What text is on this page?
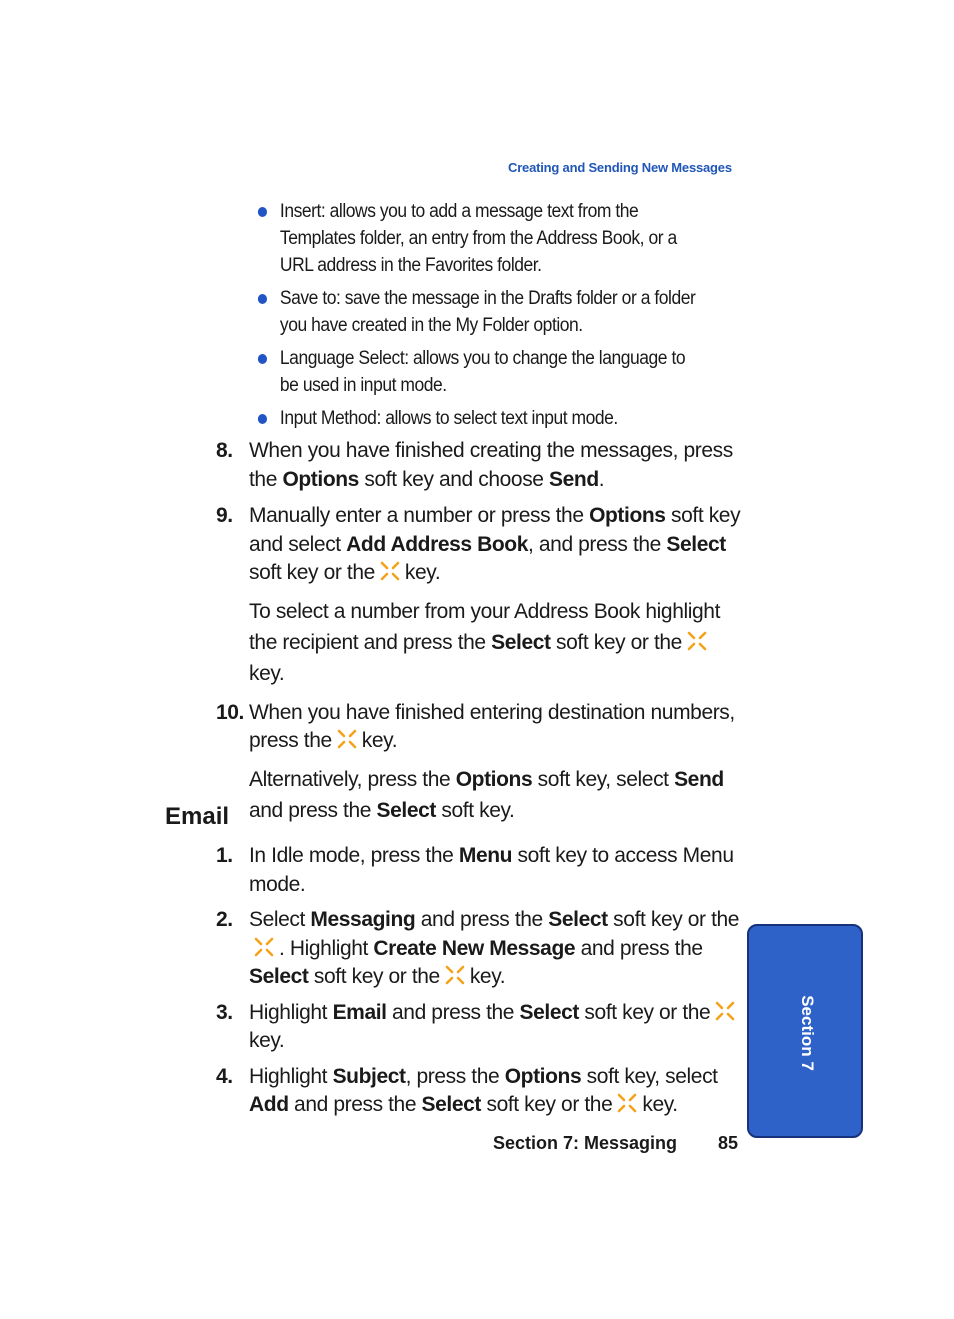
Creating and Sending New Messages
Insert: allows you to add a message text from the Templates folder, an entry from the Address Book, or a URL address in the Favorites folder.
Save to: save the message in the Drafts folder or a folder you have created in the My Folder option.
Language Select: allows you to change the language to be used in input mode.
Input Method: allows to select text input mode.
8. When you have finished creating the messages, press the Options soft key and choose Send.
9. Manually enter a number or press the Options soft key and select Add Address Book, and press the Select soft key or the key.
To select a number from your Address Book highlight the recipient and press the Select soft key or thekey.
10. When you have finished entering destination numbers, press the key.
Alternatively, press the Options soft key, select Send and press the Select soft key.
Email
1. In Idle mode, press the Menu soft key to access Menu mode.
2. Select Messaging and press the Select soft key or the. Highlight Create New Message and press the Select soft key or the key.
3. Highlight Email and press the Select soft key or thekey.
4. Highlight Subject, press the Options soft key, select Add and press the Select soft key or the key.
Section 7
Section 7: Messaging 85
